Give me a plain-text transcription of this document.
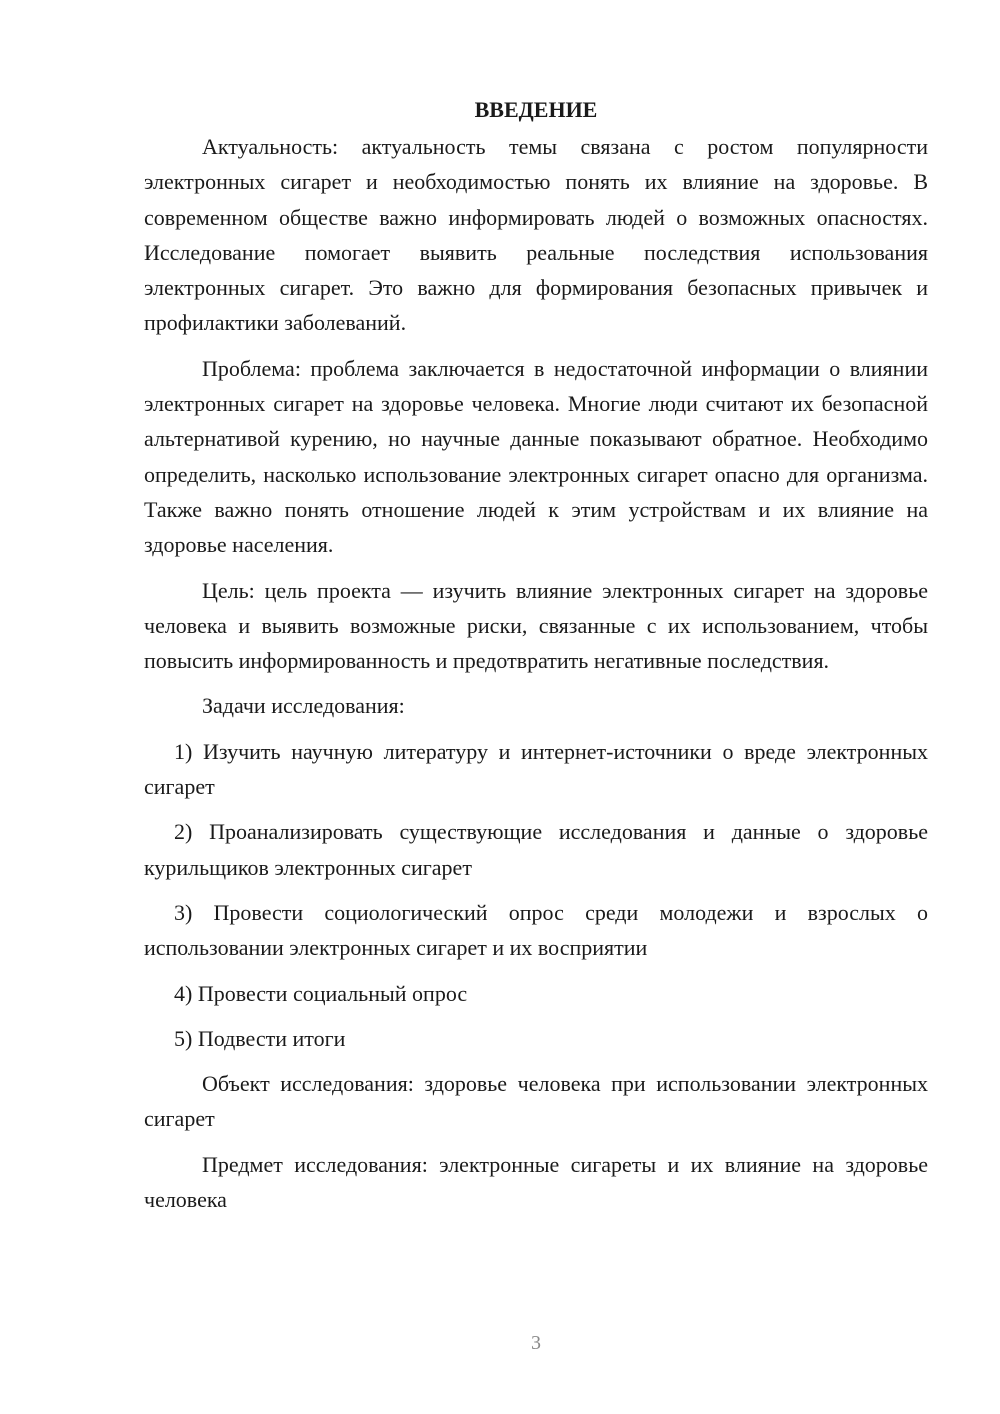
ВВЕДЕНИЕ

Актуальность: актуальность темы связана с ростом популярности электронных сигарет и необходимостью понять их влияние на здоровье. В современном обществе важно информировать людей о возможных опасностях. Исследование помогает выявить реальные последствия использования электронных сигарет. Это важно для формирования безопасных привычек и профилактики заболеваний.

Проблема: проблема заключается в недостаточной информации о влиянии электронных сигарет на здоровье человека. Многие люди считают их безопасной альтернативой курению, но научные данные показывают обратное. Необходимо определить, насколько использование электронных сигарет опасно для организма. Также важно понять отношение людей к этим устройствам и их влияние на здоровье населения.

Цель: цель проекта — изучить влияние электронных сигарет на здоровье человека и выявить возможные риски, связанные с их использованием, чтобы повысить информированность и предотвратить негативные последствия.

Задачи исследования:

1) Изучить научную литературу и интернет-источники о вреде электронных сигарет

2) Проанализировать существующие исследования и данные о здоровье курильщиков электронных сигарет

3) Провести социологический опрос среди молодежи и взрослых о использовании электронных сигарет и их восприятии

4) Провести социальный опрос

5) Подвести итоги

Объект исследования: здоровье человека при использовании электронных сигарет

Предмет исследования: электронные сигареты и их влияние на здоровье человека

3
